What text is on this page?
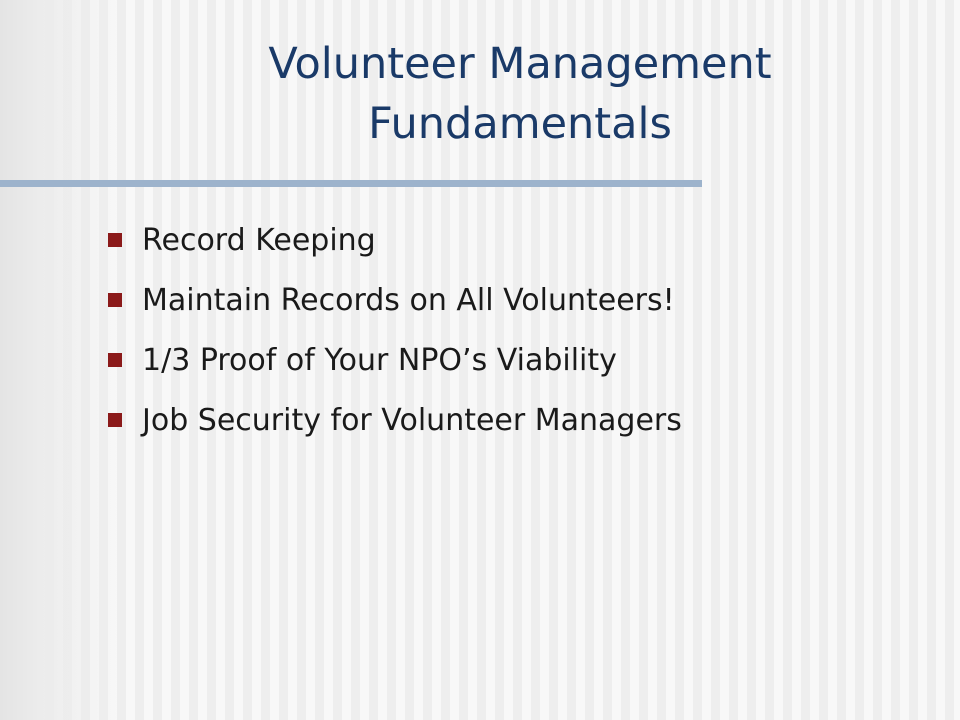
Volunteer Management
Fundamentals
Record Keeping
Maintain Records on All Volunteers!
1/3 Proof of Your NPO’s Viability
Job Security for Volunteer Managers
